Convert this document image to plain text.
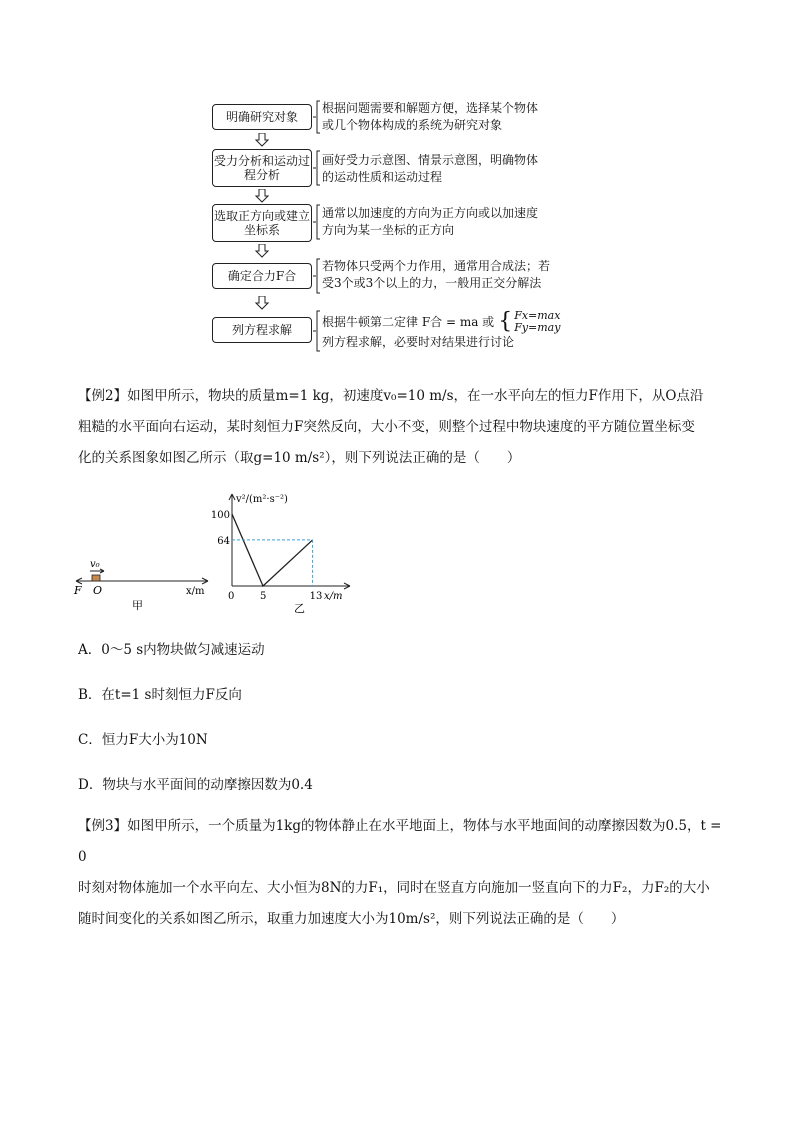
明确研究对象
根据问题需要和解题方便，选择某个物体
或几个物体构成的系统为研究对象
受力分析和运动过程分析
画好受力示意图、情景示意图，明确物体
的运动性质和运动过程
选取正方向或建立坐标系
通常以加速度的方向为正方向或以加速度
方向为某一坐标的正方向
确定合力F合
若物体只受两个力作用，通常用合成法；若
受3个或3个以上的力，一般用正交分解法
列方程求解
根据牛顿第二定律 F合 = ma 或 { Fx=max
Fy=may
列方程求解，必要时对结果进行讨论
【例2】如图甲所示，物块的质量m=1 kg，初速度v₀=10 m/s，在一水平向左的恒力F作用下，从O点沿
粗糙的水平面向右运动，某时刻恒力F突然反向，大小不变，则整个过程中物块速度的平方随位置坐标变
化的关系图象如图乙所示（取g=10 m/s²），则下列说法正确的是（　　）
v₀
F O	x/m
甲
v²/(m²·s⁻²)
x/m
100
64
0	5	13
乙
A．0～5 s内物块做匀减速运动
B．在t=1 s时刻恒力F反向
C．恒力F大小为10N
D．物块与水平面间的动摩擦因数为0.4
【例3】如图甲所示，一个质量为1kg的物体静止在水平地面上，物体与水平地面间的动摩擦因数为0.5，t = 0
时刻对物体施加一个水平向左、大小恒为8N的力F₁，同时在竖直方向施加一竖直向下的力F₂，力F₂的大小
随时间变化的关系如图乙所示，取重力加速度大小为10m/s²，则下列说法正确的是（　　）
